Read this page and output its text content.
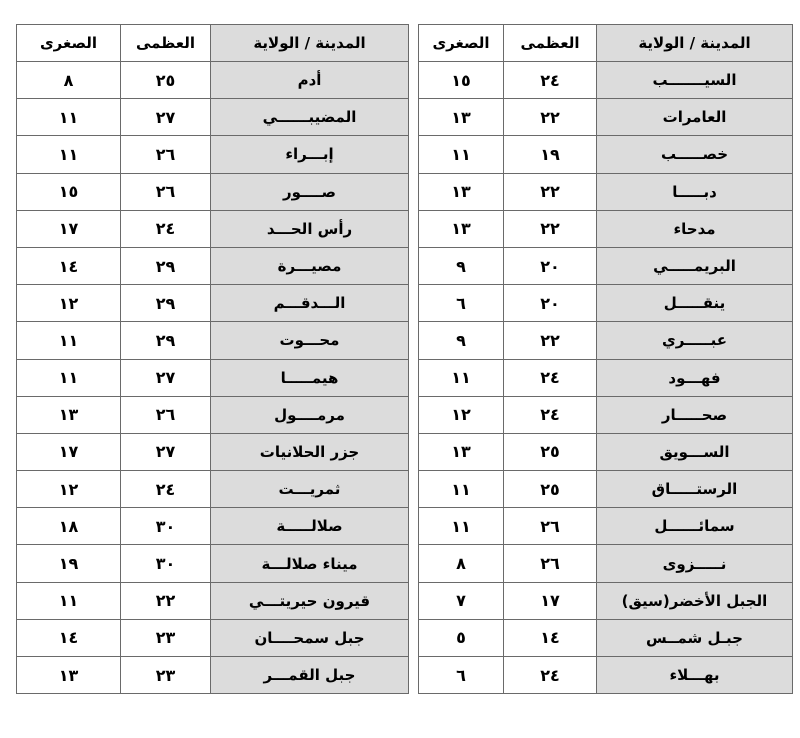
المدينة / الولاية	العظمى	الصغرى
السيـــــــب	٢٤	١٥
العامرات	٢٢	١٣
خصـــــب	١٩	١١
دبـــــا	٢٢	١٣
مدحاء	٢٢	١٣
البريمـــــي	٢٠	٩
ينقـــــل	٢٠	٦
عبـــــري	٢٢	٩
فهـــود	٢٤	١١
صحـــــار	٢٤	١٢
الســـويق	٢٥	١٣
الرستـــــاق	٢٥	١١
سمائــــــل	٢٦	١١
نـــــزوى	٢٦	٨
الجبل الأخضر(سيق)	١٧	٧
جبـل شمــس	١٤	٥
بهـــلاء	٢٤	٦
المدينة / الولاية	العظمى	الصغرى
أدم	٢٥	٨
المضيبــــــي	٢٧	١١
إبـــراء	٢٦	١١
صــــور	٢٦	١٥
رأس الحـــد	٢٤	١٧
مصيـــرة	٢٩	١٤
الـــدقـــم	٢٩	١٢
محـــوت	٢٩	١١
هيمـــــا	٢٧	١١
مرمــــول	٢٦	١٣
جزر الحلانيات	٢٧	١٧
ثمريـــت	٢٤	١٢
صلالـــــة	٣٠	١٨
ميناء صلالـــة	٣٠	١٩
قيرون حيريتـــي	٢٢	١١
جبل سمحــــان	٢٣	١٤
جبل القمـــر	٢٣	١٣
